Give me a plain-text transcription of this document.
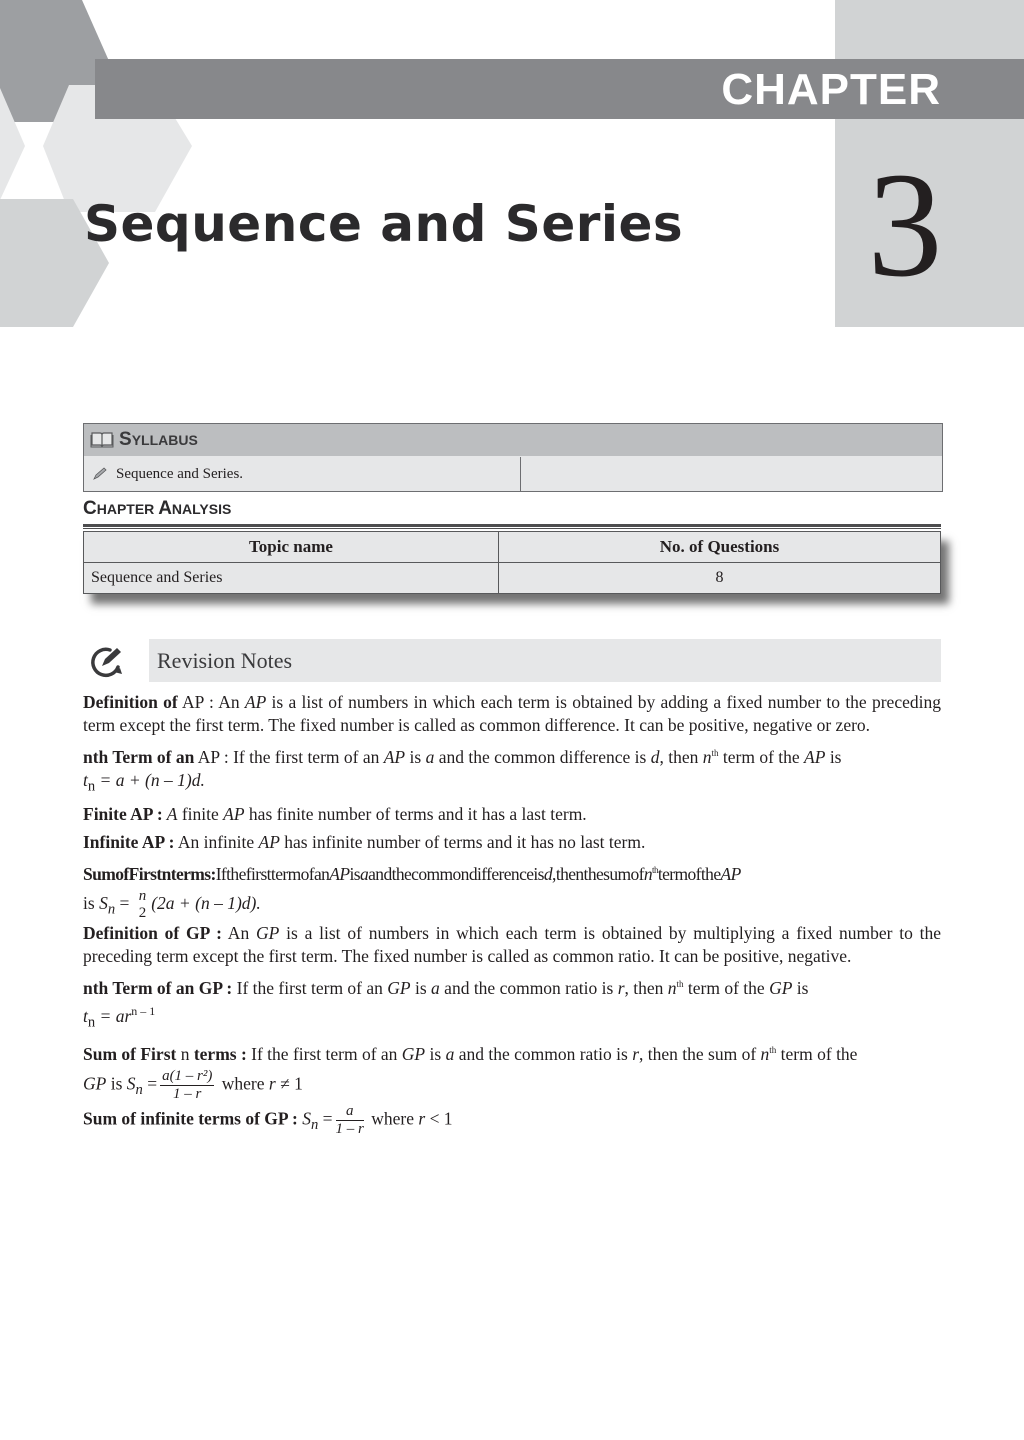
CHAPTER
3
Sequence and Series
S YLLABUS
Sequence and Series.
CHAPTER ANALYSIS
Topic name	No. of Questions
Sequence and Series	8
Revision Notes

Definition of AP : An AP is a list of numbers in which each term is obtained by adding a fixed number to the preceding term except the first term. The fixed number is called as common difference. It can be positive, negative or zero.

nth Term of an AP : If the first term of an AP is a and the common difference is d, then $n^{th}$ term of the AP is
$t_n = a + (n - 1)d$.

Finite AP : A finite AP has finite number of terms and it has a last term.

Infinite AP : An infinite AP has infinite number of terms and it has no last term.

SumofFirstnterms:IfthefirsttermofanAPisaandthecommondifferenceisd,thenthesumofn$^{th}$termoftheAP

is $S_n = n$
2 (2a + (n – 1)d).

Definition of GP : An GP is a list of numbers in which each term is obtained by multiplying a fixed number to the preceding term except the first term. The fixed number is called as common ratio. It can be positive, negative.

nth Term of an GP : If the first term of an GP is a and the common ratio is r, then $n^{th}$ term of the GP is
$t_n = ar^{n - 1}$

Sum of First n terms : If the first term of an GP is a and the common ratio is r, then the sum of $n^{th}$ term of the

GP is $S_n = \frac{\text{a(1 – r²)}}{1 - r}$ where r ≠ 1

Sum of infinite terms of GP : $S_n = \frac{a}{1 - r}$ where r < 1
